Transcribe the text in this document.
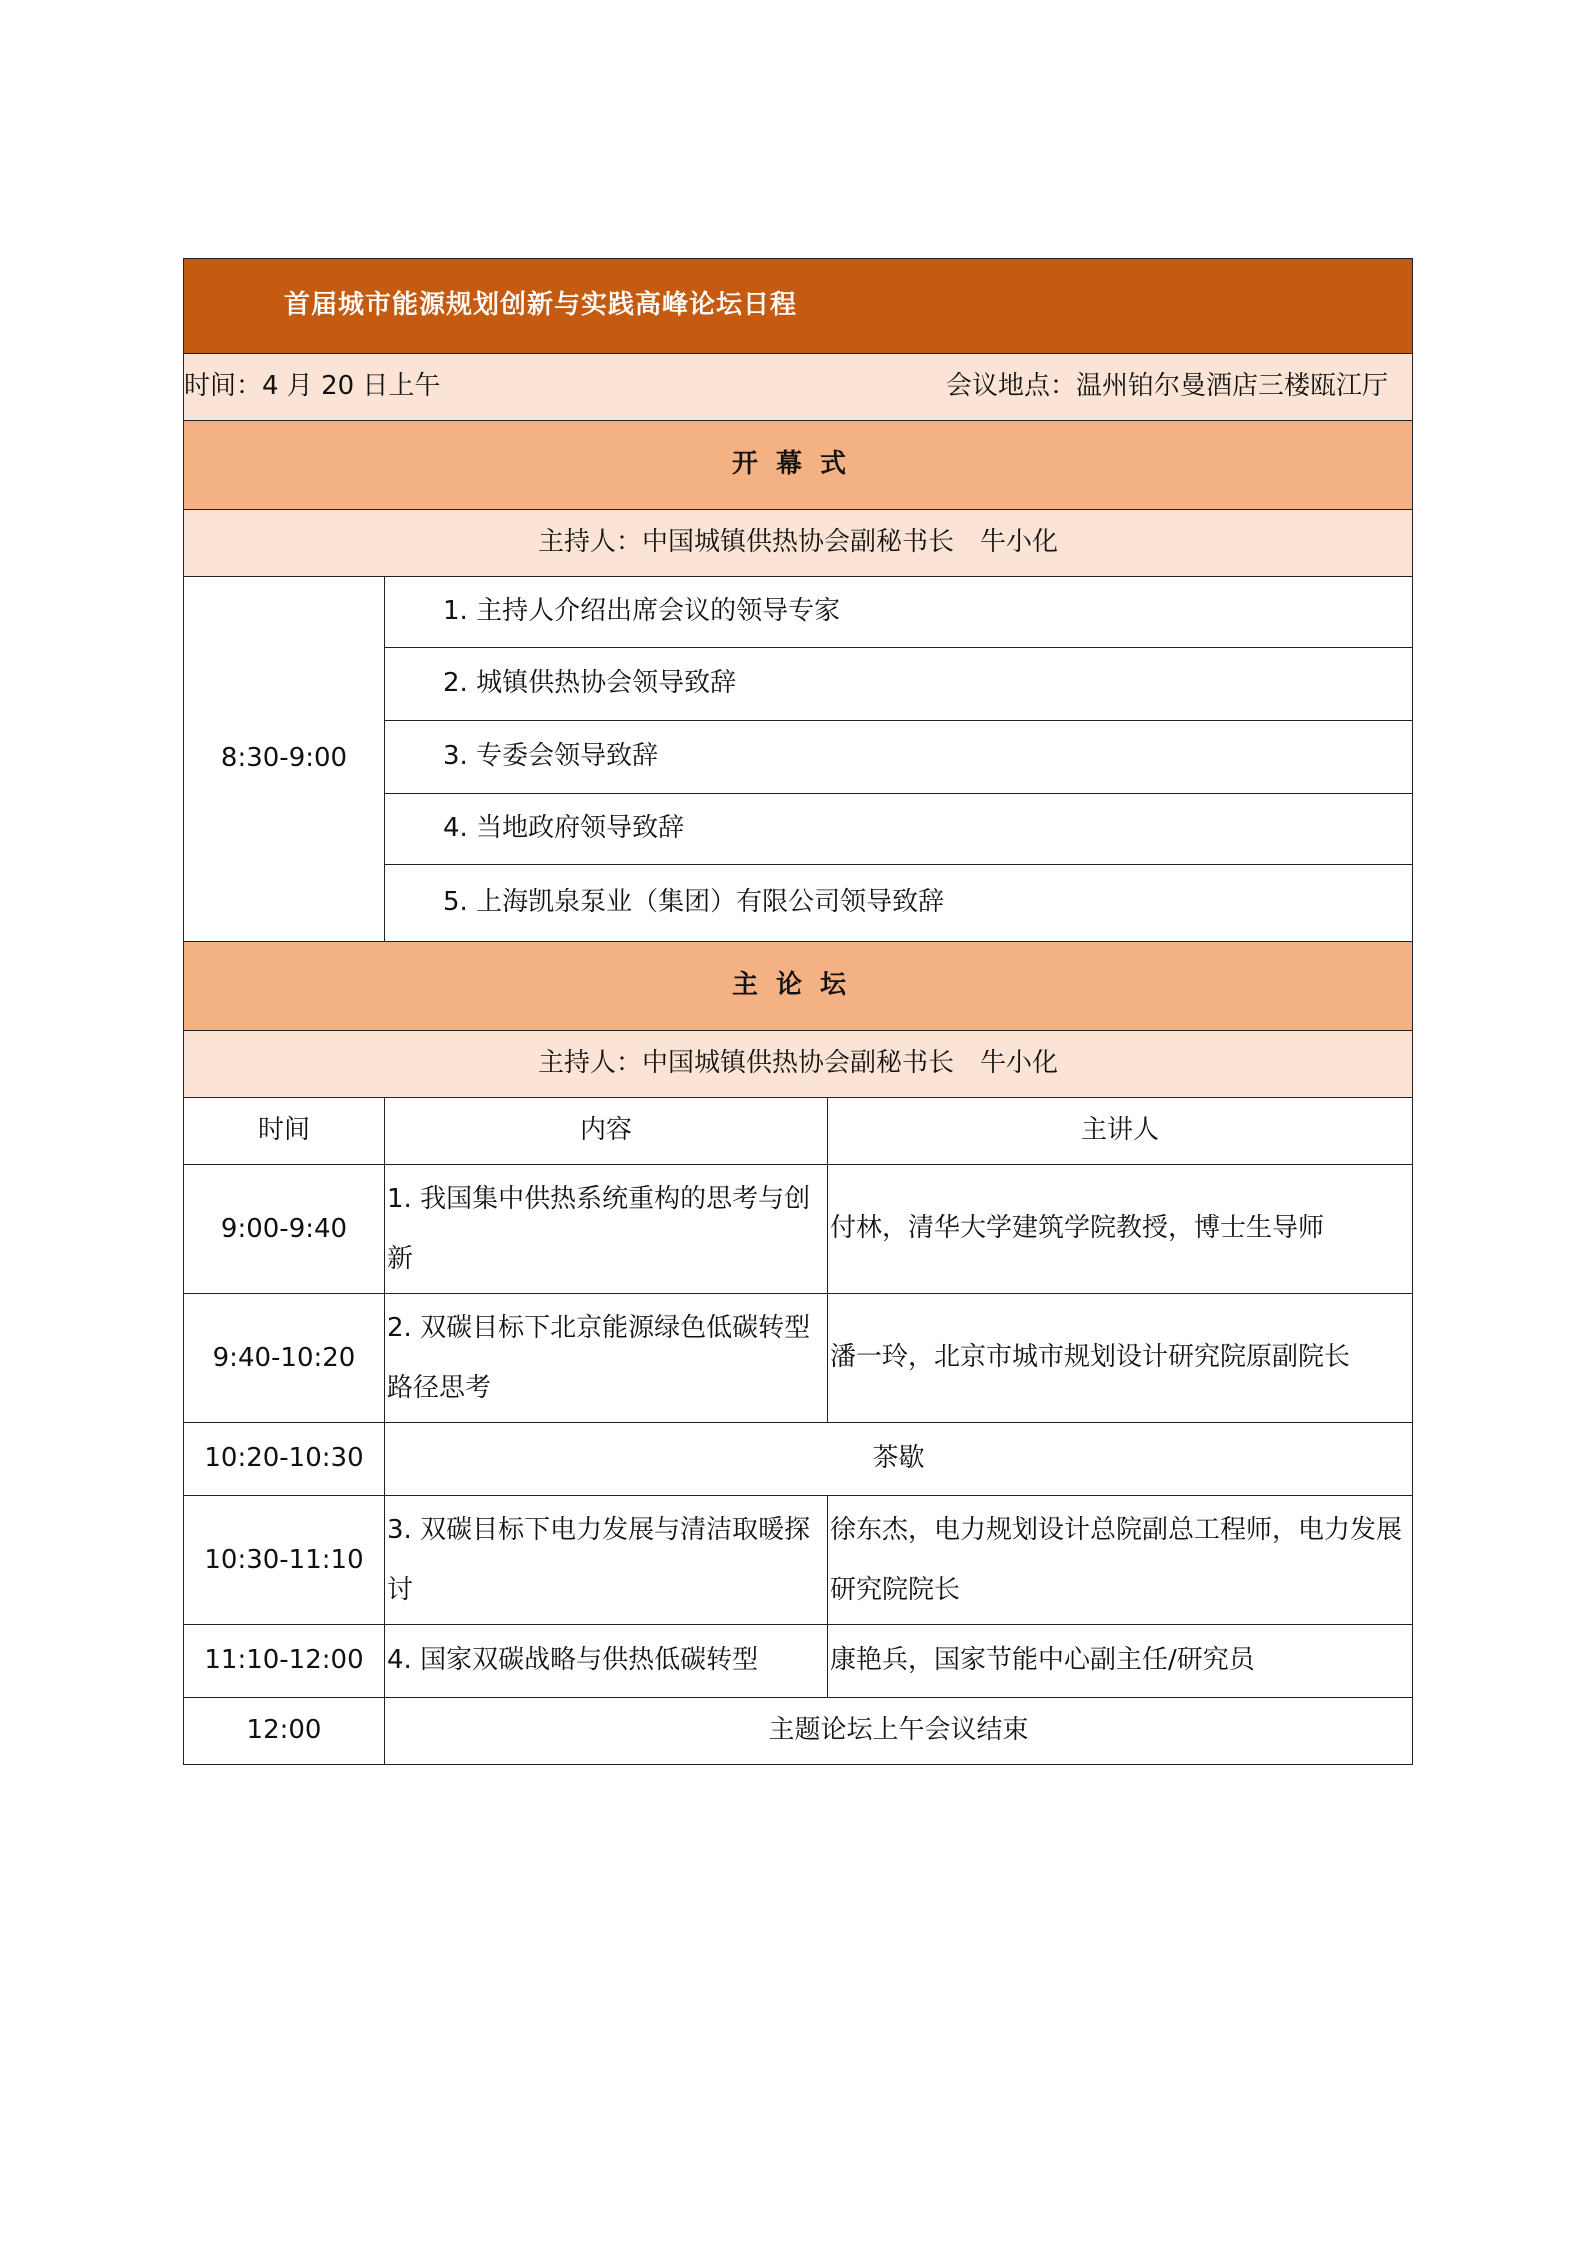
首届城市能源规划创新与实践高峰论坛日程		

时间：4 月 20 日上午 会议地点：温州铂尔曼酒店三楼瓯江厅		

开幕式		
主持人：中国城镇供热协会副秘书长　牛小化		
8:30-9:00	1. 主持人介绍出席会议的领导专家	
	2. 城镇供热协会领导致辞	
	3. 专委会领导致辞	
	4. 当地政府领导致辞	
	5. 上海凯泉泵业（集团）有限公司领导致辞	
主论坛		
主持人：中国城镇供热协会副秘书长　牛小化		
时间	内容	主讲人
9:00-9:40	1. 我国集中供热系统重构的思考与创新	付林，清华大学建筑学院教授，博士生导师
9:40-10:20	2. 双碳目标下北京能源绿色低碳转型路径思考	潘一玲，北京市城市规划设计研究院原副院长
10:20-10:30	茶歇	
10:30-11:10	3. 双碳目标下电力发展与清洁取暖探讨	徐东杰，电力规划设计总院副总工程师，电力发展研究院院长
11:10-12:00	4. 国家双碳战略与供热低碳转型	康艳兵，国家节能中心副主任/研究员
12:00	主题论坛上午会议结束	
